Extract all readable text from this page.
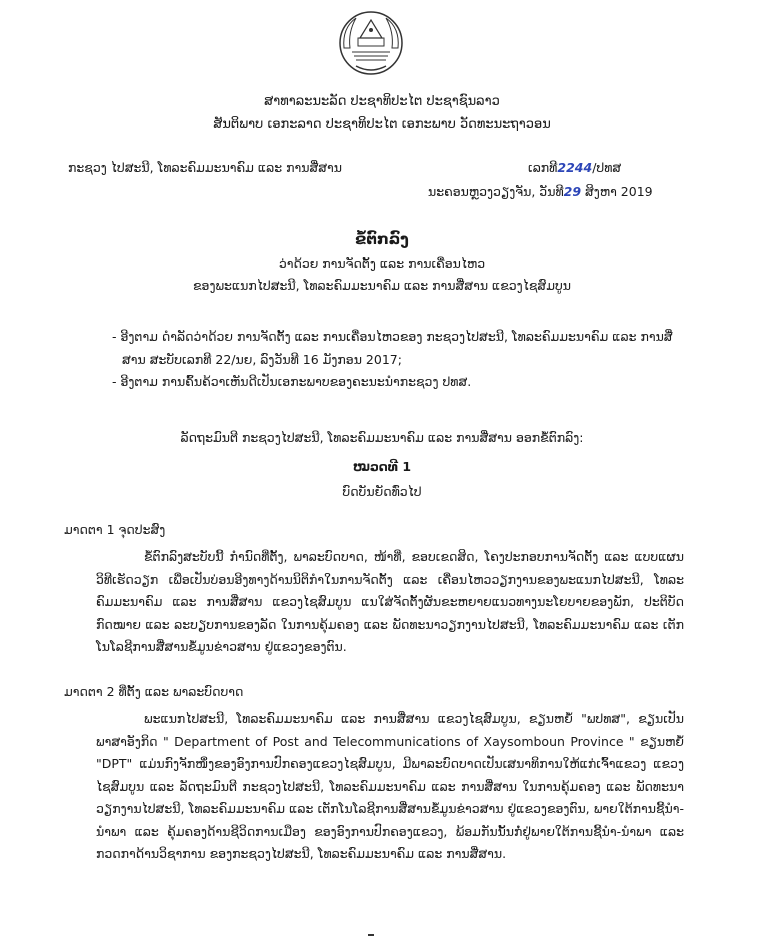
ສາທາລະນະລັດ ປະຊາທິປະໄຕ ປະຊາຊົນລາວ
ສັນຕິພາບ ເອກະລາດ ປະຊາທິປະໄຕ ເອກະພາບ ວັດທະນະຖາວອນ
ກະຊວງ ໄປສະນີ, ໂທລະຄົມມະນາຄົມ ແລະ ການສື່ສານ	ເລກທີ2244/ປທສ
ນະຄອນຫຼວງວຽງຈັນ, ວັນທີ29 ສິງຫາ 2019
ຂໍ້ຕົກລົງ
ວ່າດ້ວຍ ການຈັດຕັ້ງ ແລະ ການເຄື່ອນໄຫວ
ຂອງພະແນກໄປສະນີ, ໂທລະຄົມມະນາຄົມ ແລະ ການສື່ສານ ແຂວງໄຊສົມບູນ

- ອີງຕາມ ດຳລັດວ່າດ້ວຍ ການຈັດຕັ້ງ ແລະ ການເຄື່ອນໄຫວຂອງ ກະຊວງໄປສະນີ, ໂທລະຄົມມະນາຄົມ ແລະ ການສື່ສານ ສະບັບເລກທີ 22/ນຍ, ລົງວັນທີ 16 ມັງກອນ 2017;

- ອີງຕາມ ການຄົ້ນຄ້ວາເຫັນດີເປັນເອກະພາບຂອງຄະນະນຳກະຊວງ ປທສ.

ລັດຖະມົນຕີ ກະຊວງໄປສະນີ, ໂທລະຄົມມະນາຄົມ ແລະ ການສື່ສານ ອອກຂໍ້ຕົກລົງ:
ໝວດທີ 1
ບົດບັນຍັດທົ່ວໄປ
ມາດຕາ 1 ຈຸດປະສົງ

ຂໍ້ຕົກລົງສະບັບນີ້ ກຳນົດທີ່ຕັ້ງ, ພາລະບົດບາດ, ໜ້າທີ່, ຂອບເຂດສິດ, ໂຄງປະກອບການຈັດຕັ້ງ ແລະ ແບບແຜນວິທີເຮັດວຽກ ເພື່ອເປັນບ່ອນອີງທາງດ້ານນິຕິກຳໃນການຈັດຕັ້ງ ແລະ ເຄື່ອນໄຫວວຽກງານຂອງພະແນກໄປສະນີ, ໂທລະຄົມມະນາຄົມ ແລະ ການສື່ສານ ແຂວງໄຊສົມບູນ ແນໃສ່ຈັດຕັ້ງຜັນຂະຫຍາຍແນວທາງນະໂຍບາຍຂອງພັກ, ປະຕິບັດກົດໝາຍ ແລະ ລະບຽບການຂອງລັດ ໃນການຄຸ້ມຄອງ ແລະ ພັດທະນາວຽກງານໄປສະນີ, ໂທລະຄົມມະນາຄົມ ແລະ ເຕັກໂນໂລຊີການສື່ສານຂໍ້ມູນຂ່າວສານ ຢູ່ແຂວງຂອງຕົນ.

ມາດຕາ 2 ທີ່ຕັ້ງ ແລະ ພາລະບົດບາດ

ພະແນກໄປສະນີ, ໂທລະຄົມມະນາຄົມ ແລະ ການສື່ສານ ແຂວງໄຊສົມບູນ, ຂຽນຫຍໍ້ "ພປທສ", ຂຽນເປັນພາສາອັງກິດ " Department of Post and Telecommunications of Xaysomboun Province " ຂຽນຫຍໍ້ "DPT" ແມ່ນກົງຈັກໜຶ່ງຂອງອົງການປົກຄອງແຂວງໄຊສົມບູນ, ມີພາລະບົດບາດເປັນເສນາທິການໃຫ້ແກ່ເຈົ້າແຂວງ ແຂວງໄຊສົມບູນ ແລະ ລັດຖະມົນຕີ ກະຊວງໄປສະນີ, ໂທລະຄົມມະນາຄົມ ແລະ ການສື່ສານ ໃນການຄຸ້ມຄອງ ແລະ ພັດທະນາ ວຽກງານໄປສະນີ, ໂທລະຄົມມະນາຄົມ ແລະ ເຕັກໂນໂລຊີການສື່ສານຂໍ້ມູນຂ່າວສານ ຢູ່ແຂວງຂອງຕົນ, ພາຍໃຕ້ການຊີ້ນຳ-ນຳພາ ແລະ ຄຸ້ມຄອງດ້ານຊີວິດການເມືອງ ຂອງອົງການປົກຄອງແຂວງ, ພ້ອມກັນນັ້ນກໍ່ຢູ່ພາຍໃຕ້ການຊີ້ນຳ-ນຳພາ ແລະ ກວດກາດ້ານວິຊາການ ຂອງກະຊວງໄປສະນີ, ໂທລະຄົມມະນາຄົມ ແລະ ການສື່ສານ.
